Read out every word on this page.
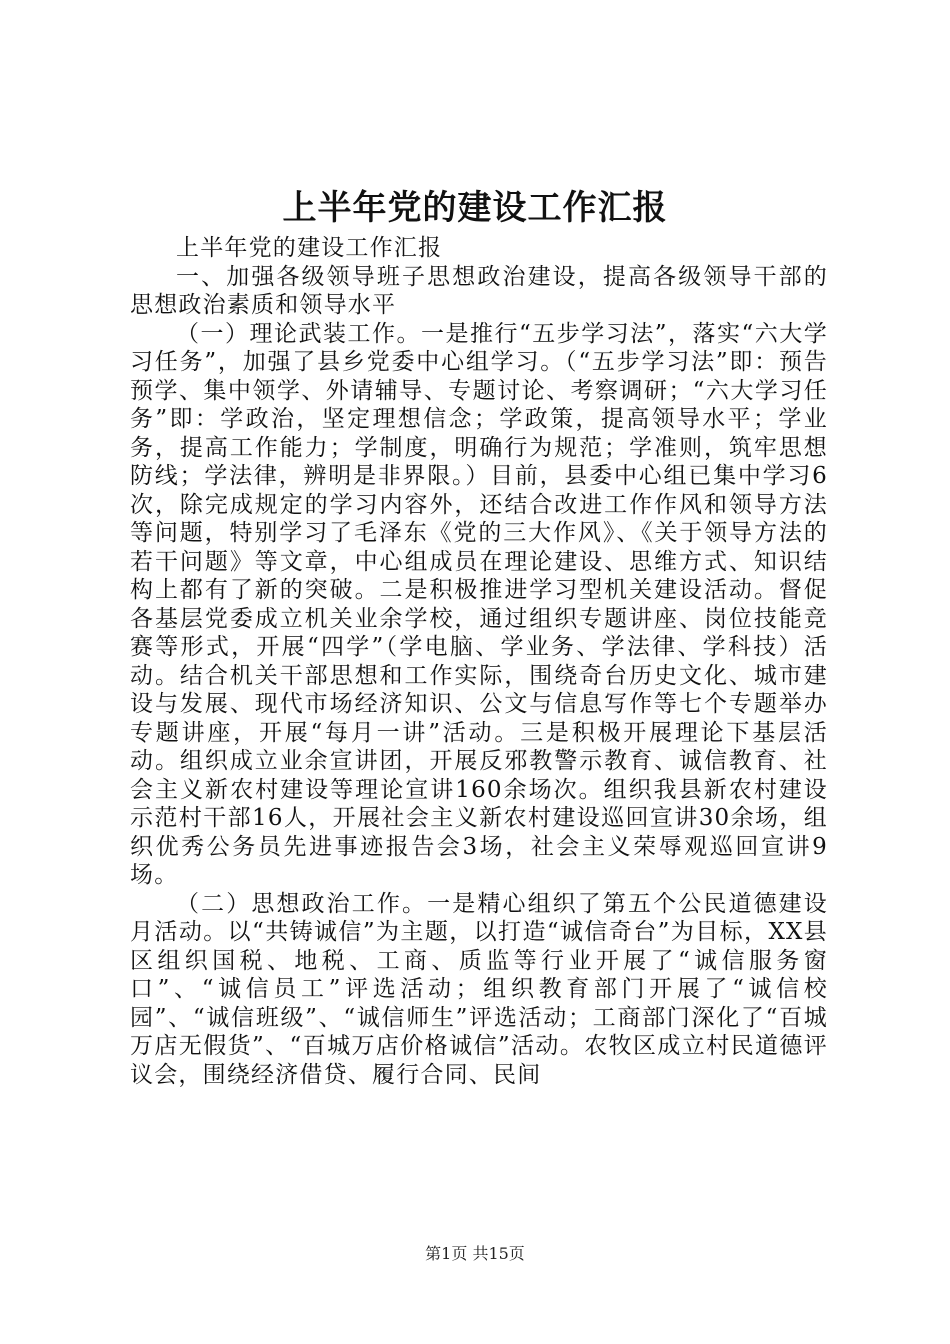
上半年党的建设工作汇报

上半年党的建设工作汇报

一、加强各级领导班子思想政治建设，提高各级领导干部的思想政治素质和领导水平

（一）理论武装工作。一是推行“五步学习法”，落实“六大学习任务”，加强了县乡党委中心组学习。（“五步学习法”即：预告预学、集中领学、外请辅导、专题讨论、考察调研；“六大学习任务”即：学政治，坚定理想信念；学政策，提高领导水平；学业务，提高工作能力；学制度，明确行为规范；学准则，筑牢思想防线；学法律，辨明是非界限。）目前，县委中心组已集中学习6次，除完成规定的学习内容外，还结合改进工作作风和领导方法等问题，特别学习了毛泽东《党的三大作风》、《关于领导方法的若干问题》等文章，中心组成员在理论建设、思维方式、知识结构上都有了新的突破。二是积极推进学习型机关建设活动。督促各基层党委成立机关业余学校，通过组织专题讲座、岗位技能竞赛等形式，开展“四学”（学电脑、学业务、学法律、学科技）活动。结合机关干部思想和工作实际，围绕奇台历史文化、城市建设与发展、现代市场经济知识、公文与信息写作等七个专题举办专题讲座，开展“每月一讲”活动。三是积极开展理论下基层活动。组织成立业余宣讲团，开展反邪教警示教育、诚信教育、社会主义新农村建设等理论宣讲160余场次。组织我县新农村建设示范村干部16人，开展社会主义新农村建设巡回宣讲30余场，组织优秀公务员先进事迹报告会3场，社会主义荣辱观巡回宣讲9场。

（二）思想政治工作。一是精心组织了第五个公民道德建设月活动。以“共铸诚信”为主题，以打造“诚信奇台”为目标，XX县区组织国税、地税、工商、质监等行业开展了“诚信服务窗口”、“诚信员工”评选活动；组织教育部门开展了“诚信校园”、“诚信班级”、“诚信师生”评选活动；工商部门深化了“百城万店无假货”、“百城万店价格诚信”活动。农牧区成立村民道德评议会，围绕经济借贷、履行合同、民间

第1页 共15页
